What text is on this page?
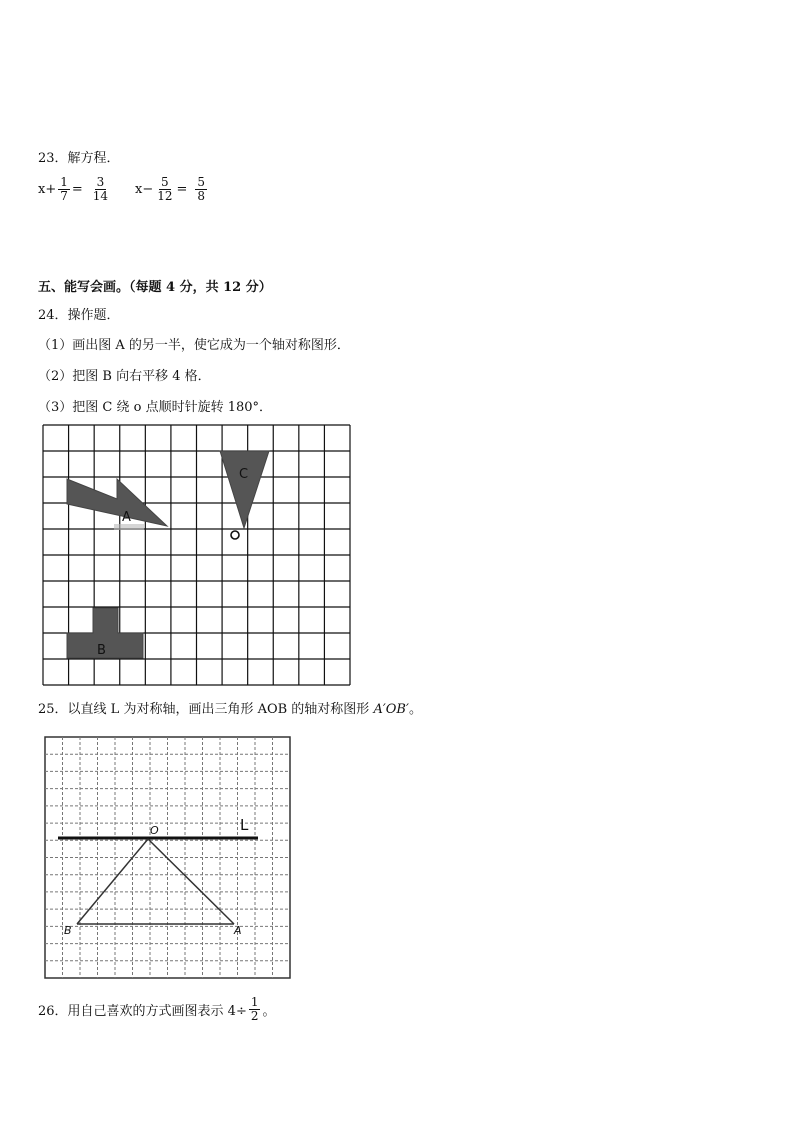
23．解方程．
$x+ \frac{1}{7} = \frac{3}{14} x- \frac{5}{12} = \frac{5}{8}$
五、能写会画。（每题 4 分，共 12 分）
24．操作题．
（1）画出图 A 的另一半，使它成为一个轴对称图形．
（2）把图 B 向右平移 4 格．
（3）把图 C 绕 o 点顺时针旋转 180°．
A
C
B
25．以直线 L 为对称轴，画出三角形 AOB 的轴对称图形 A′OB′。
L
O
B	A
26．用自己喜欢的方式画图表示 $4\div \frac{1}{2}$ 。
